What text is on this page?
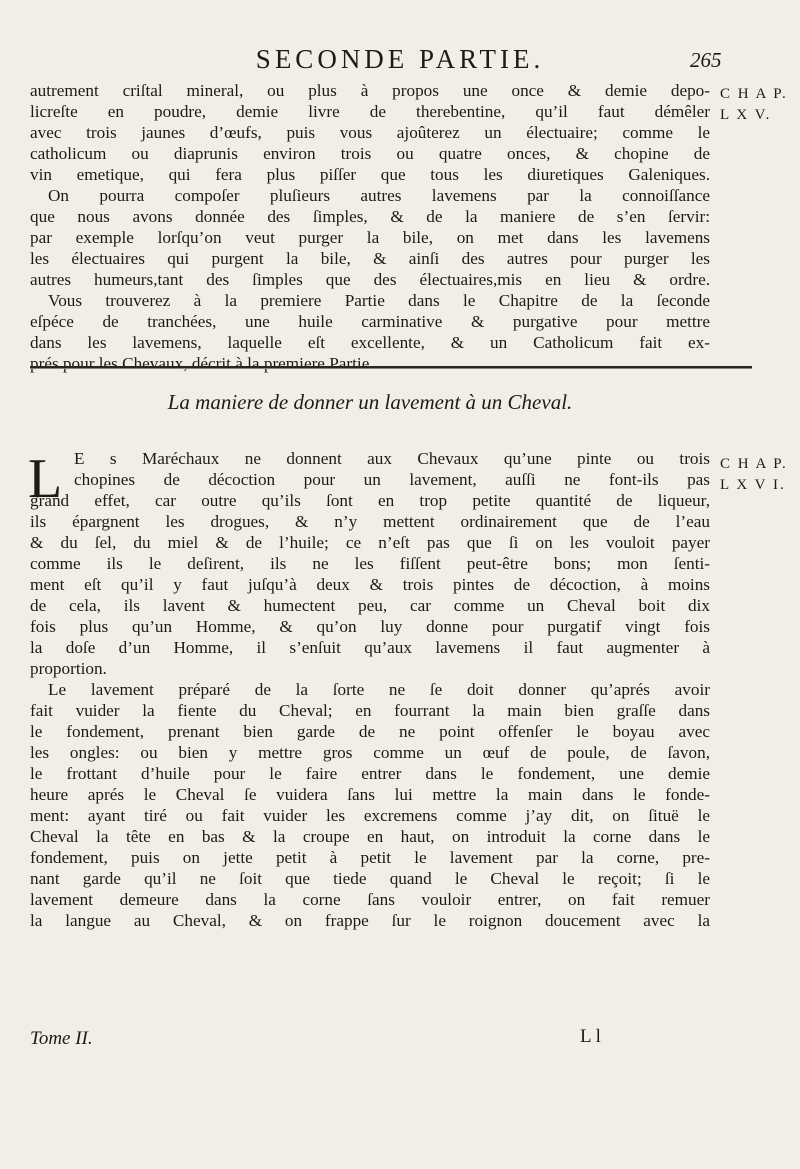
SECONDE PARTIE.	265
C H A P.
L X V.
autrement criſtal mineral, ou plus à propos une once & demie depo-
licreſte en poudre, demie livre de therebentine, qu’il faut démêler
avec trois jaunes d’œufs, puis vous ajoûterez un électuaire; comme le
catholicum ou diaprunis environ trois ou quatre onces, & chopine de
vin emetique, qui fera plus piſſer que tous les diuretiques Galeniques.
On pourra compoſer pluſieurs autres lavemens par la connoiſſance
que nous avons donnée des ſimples, & de la maniere de s’en ſervir:
par exemple lorſqu’on veut purger la bile, on met dans les lavemens
les électuaires qui purgent la bile, & ainſi des autres pour purger les
autres humeurs,tant des ſimples que des électuaires,mis en lieu & ordre.
Vous trouverez à la premiere Partie dans le Chapitre de la ſeconde
eſpéce de tranchées, une huile carminative & purgative pour mettre
dans les lavemens, laquelle eſt excellente, & un Catholicum fait ex-
prés pour les Chevaux, décrit à la premiere Partie.
La maniere de donner un lavement à un Cheval.
C H A P.
L X V I.
L E s Maréchaux ne donnent aux Chevaux qu’une pinte ou trois
chopines de décoction pour un lavement, auſſi ne font-ils pas
grand effet, car outre qu’ils ſont en trop petite quantité de liqueur,
ils épargnent les drogues, & n’y mettent ordinairement que de l’eau
& du ſel, du miel & de l’huile; ce n’eſt pas que ſi on les vouloit payer
comme ils le deſirent, ils ne les fiſſent peut-être bons; mon ſenti-
ment eſt qu’il y faut juſqu’à deux & trois pintes de décoction, à moins
de cela, ils lavent & humectent peu, car comme un Cheval boit dix
fois plus qu’un Homme, & qu’on luy donne pour purgatif vingt fois
la doſe d’un Homme, il s’enſuit qu’aux lavemens il faut augmenter à
proportion.
Le lavement préparé de la ſorte ne ſe doit donner qu’aprés avoir
fait vuider la fiente du Cheval; en fourrant la main bien graſſe dans
le fondement, prenant bien garde de ne point offenſer le boyau avec
les ongles: ou bien y mettre gros comme un œuf de poule, de ſavon,
le frottant d’huile pour le faire entrer dans le fondement, une demie
heure aprés le Cheval ſe vuidera ſans lui mettre la main dans le fonde-
ment: ayant tiré ou fait vuider les excremens comme j’ay dit, on ſituë le
Cheval la tête en bas & la croupe en haut, on introduit la corne dans le
fondement, puis on jette petit à petit le lavement par la corne, pre-
nant garde qu’il ne ſoit que tiede quand le Cheval le reçoit; ſi le
lavement demeure dans la corne ſans vouloir entrer, on fait remuer
la langue au Cheval, & on frappe ſur le roignon doucement avec la
Tome II.	L l
